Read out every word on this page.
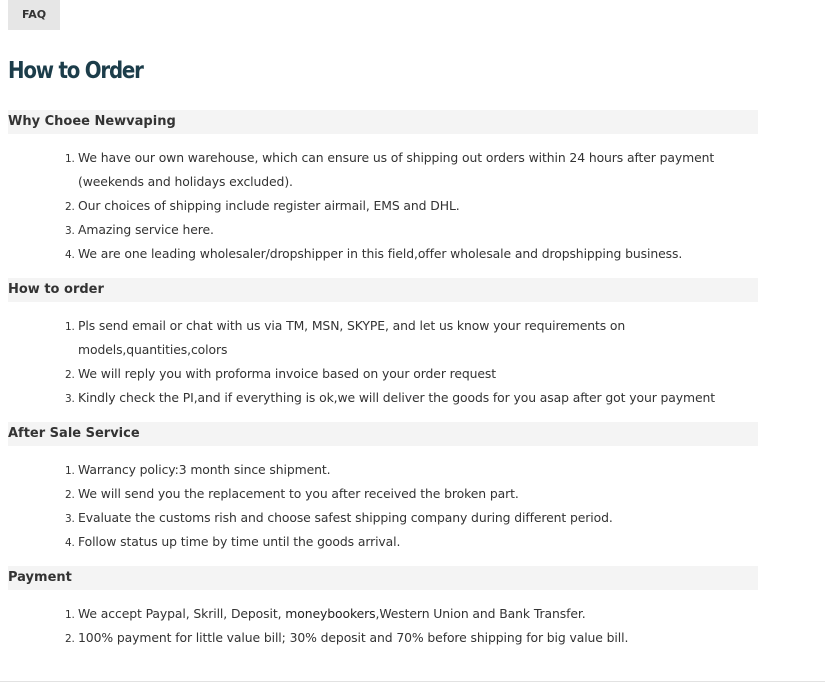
FAQ
How to Order
Why Choee Newvaping
1. We have our own warehouse, which can ensure us of shipping out orders within 24 hours after payment (weekends and holidays excluded).
2. Our choices of shipping include register airmail, EMS and DHL.
3. Amazing service here.
4. We are one leading wholesaler/dropshipper in this field,offer wholesale and dropshipping business.
How to order
1. Pls send email or chat with us via TM, MSN, SKYPE, and let us know your requirements on models,quantities,colors
2. We will reply you with proforma invoice based on your order request
3. Kindly check the PI,and if everything is ok,we will deliver the goods for you asap after got your payment
After Sale Service
1. Warrancy policy:3 month since shipment.
2. We will send you the replacement to you after received the broken part.
3. Evaluate the customs rish and choose safest shipping company during different period.
4. Follow status up time by time until the goods arrival.
Payment
1. We accept Paypal, Skrill, Deposit, moneybookers,Western Union and Bank Transfer.
2. 100% payment for little value bill; 30% deposit and 70% before shipping for big value bill.
